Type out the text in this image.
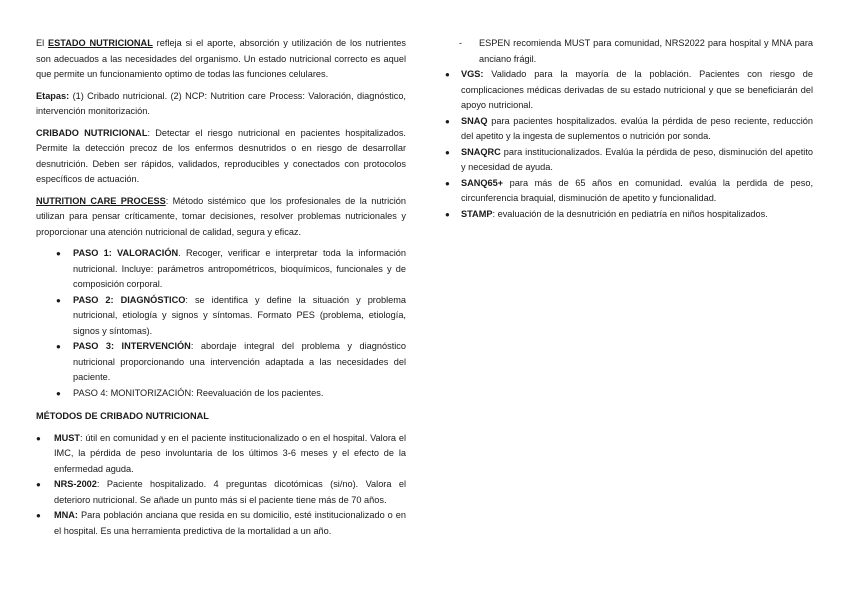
El ESTADO NUTRICIONAL refleja si el aporte, absorción y utilización de los nutrientes son adecuados a las necesidades del organismo. Un estado nutricional correcto es aquel que permite un funcionamiento optimo de todas las funciones celulares.

Etapas: (1) Cribado nutricional. (2) NCP: Nutrition care Process: Valoración, diagnóstico, intervención monitorización.

CRIBADO NUTRICIONAL: Detectar el riesgo nutricional en pacientes hospitalizados. Permite la detección precoz de los enfermos desnutridos o en riesgo de desarrollar desnutrición. Deben ser rápidos, validados, reproducibles y conectados con protocolos específicos de actuación.

NUTRITION CARE PROCESS: Método sistémico que los profesionales de la nutrición utilizan para pensar críticamente, tomar decisiones, resolver problemas nutricionales y proporcionar una atención nutricional de calidad, segura y eficaz.

● PASO 1: VALORACIÓN. Recoger, verificar e interpretar toda la información nutricional. Incluye: parámetros antropométricos, bioquímicos, funcionales y de composición corporal.
● PASO 2: DIAGNÓSTICO: se identifica y define la situación y problema nutricional, etiología y signos y síntomas. Formato PES (problema, etiología, signos y síntomas).
● PASO 3: INTERVENCIÓN: abordaje integral del problema y diagnóstico nutricional proporcionando una intervención adaptada a las necesidades del paciente.
● PASO 4: MONITORIZACIÓN: Reevaluación de los pacientes.
MÉTODOS DE CRIBADO NUTRICIONAL
● MUST: útil en comunidad y en el paciente institucionalizado o en el hospital. Valora el IMC, la pérdida de peso involuntaria de los últimos 3-6 meses y el efecto de la enfermedad aguda.
● NRS-2002: Paciente hospitalizado. 4 preguntas dicotómicas (si/no). Valora el deterioro nutricional. Se añade un punto más si el paciente tiene más de 70 años.
● MNA: Para población anciana que resida en su domicilio, esté institucionalizado o en el hospital. Es una herramienta predictiva de la mortalidad a un año.
- ESPEN recomienda MUST para comunidad, NRS2022 para hospital y MNA para anciano frágil.
● VGS: Validado para la mayoría de la población. Pacientes con riesgo de complicaciones médicas derivadas de su estado nutricional y que se beneficiarán del apoyo nutricional.
● SNAQ para pacientes hospitalizados. evalúa la pérdida de peso reciente, reducción del apetito y la ingesta de suplementos o nutrición por sonda.
● SNAQRC para institucionalizados. Evalúa la pérdida de peso, disminución del apetito y necesidad de ayuda.
● SANQ65+ para más de 65 años en comunidad. evalúa la perdida de peso, circunferencia braquial, disminución de apetito y funcionalidad.
● STAMP: evaluación de la desnutrición en pediatría en niños hospitalizados.
